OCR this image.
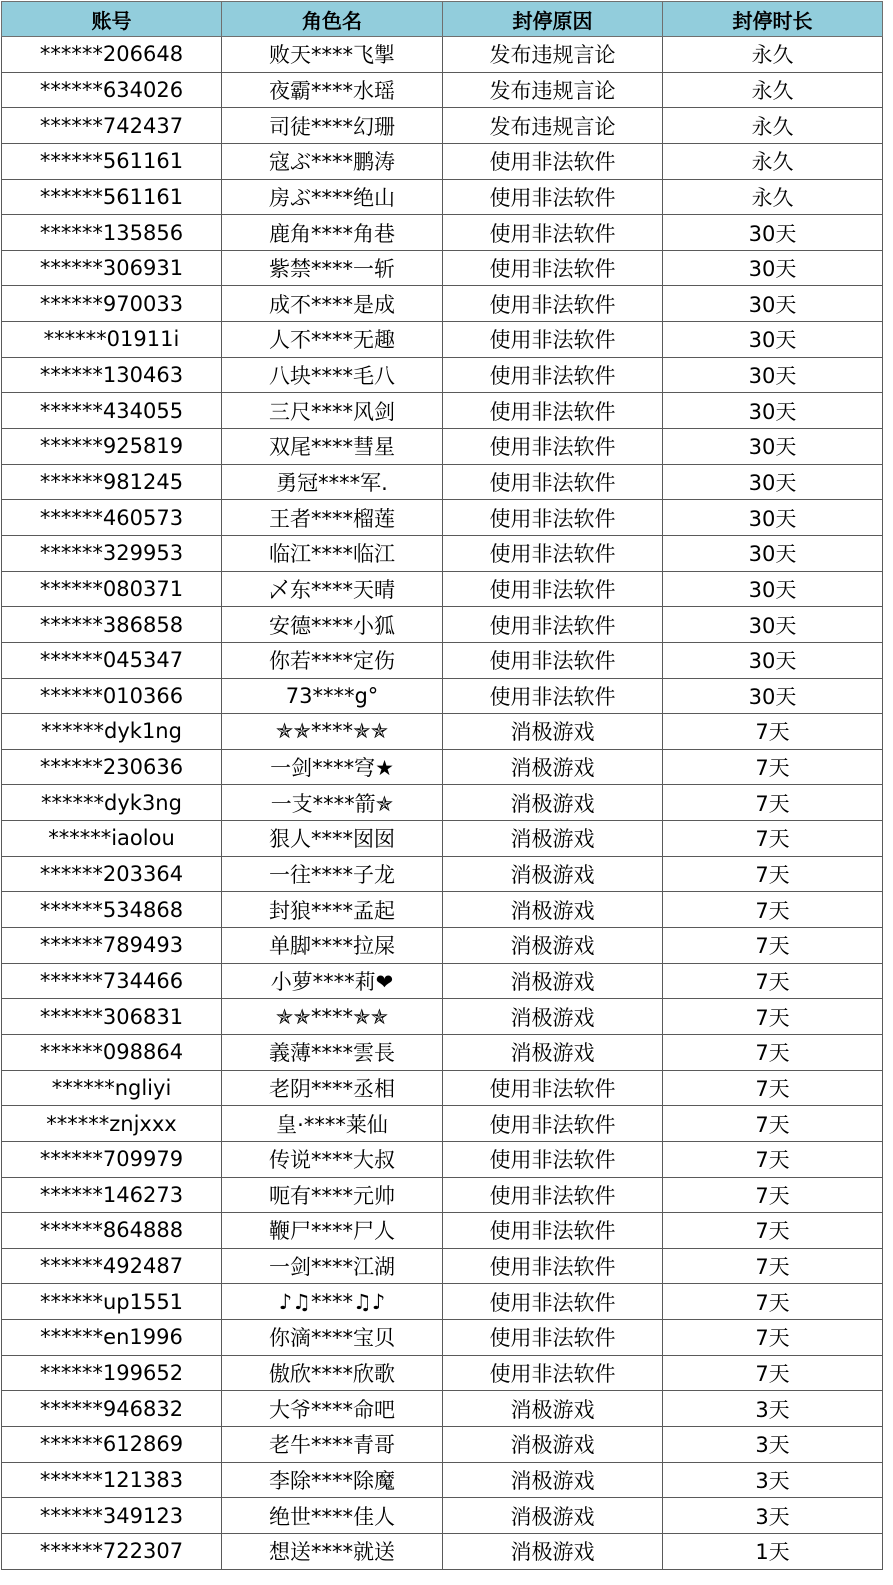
账号	角色名	封停原因	封停时长
******206648	败天****飞掣	发布违规言论	永久
******634026	夜霸****水瑶	发布违规言论	永久
******742437	司徒****幻珊	发布违规言论	永久
******561161	寇ぶ****鹏涛	使用非法软件	永久
******561161	房ぶ****绝山	使用非法软件	永久
******135856	鹿角****角巷	使用非法软件	30天
******306931	紫禁****一斩	使用非法软件	30天
******970033	成不****是成	使用非法软件	30天
******01911i	人不****无趣	使用非法软件	30天
******130463	八块****毛八	使用非法软件	30天
******434055	三尺****风剑	使用非法软件	30天
******925819	双尾****彗星	使用非法软件	30天
******981245	勇冠****军.	使用非法软件	30天
******460573	王者****榴莲	使用非法软件	30天
******329953	临江****临江	使用非法软件	30天
******080371	乄东****天晴	使用非法软件	30天
******386858	安德****小狐	使用非法软件	30天
******045347	你若****定伤	使用非法软件	30天
******010366	73****g°	使用非法软件	30天
******dyk1ng	✯✯****✯✯	消极游戏	7天
******230636	一剑****穹★	消极游戏	7天
******dyk3ng	一支****箭✯	消极游戏	7天
******iaolou	狠人****囡囡	消极游戏	7天
******203364	一往****子龙	消极游戏	7天
******534868	封狼****孟起	消极游戏	7天
******789493	单脚****拉屎	消极游戏	7天
******734466	小萝****莉❤	消极游戏	7天
******306831	✯✯****✯✯	消极游戏	7天
******098864	義薄****雲長	消极游戏	7天
******ngliyi	老阴****丞相	使用非法软件	7天
******znjxxx	皇·****莱仙	使用非法软件	7天
******709979	传说****大叔	使用非法软件	7天
******146273	呃有****元帅	使用非法软件	7天
******864888	鞭尸****尸人	使用非法软件	7天
******492487	一剑****江湖	使用非法软件	7天
******up1551	♪♫****♫♪	使用非法软件	7天
******en1996	你滴****宝贝	使用非法软件	7天
******199652	傲欣****欣歌	使用非法软件	7天
******946832	大爷****命吧	消极游戏	3天
******612869	老牛****青哥	消极游戏	3天
******121383	李除****除魔	消极游戏	3天
******349123	绝世****佳人	消极游戏	3天
******722307	想送****就送	消极游戏	1天
